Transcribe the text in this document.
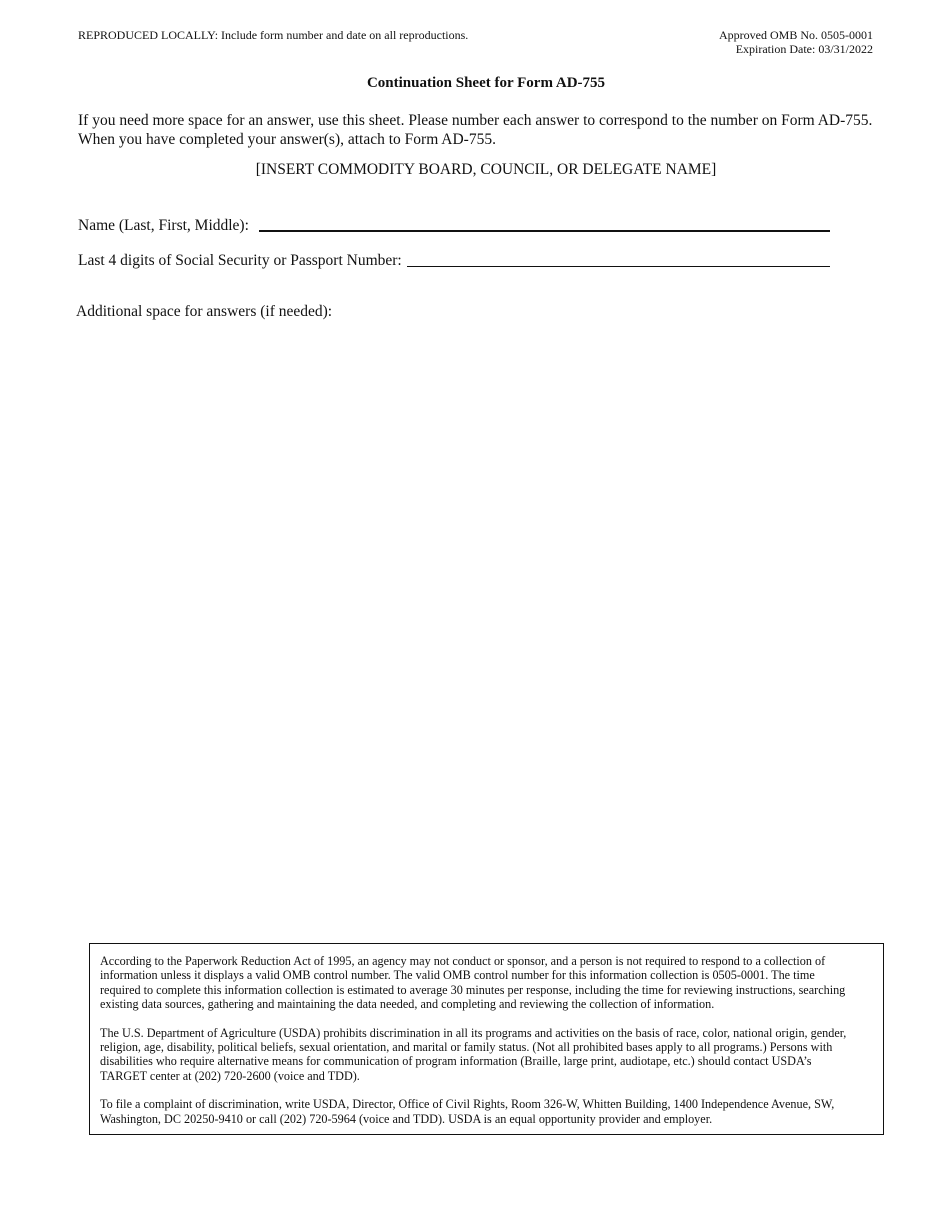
REPRODUCED LOCALLY: Include form number and date on all reproductions.	Approved OMB No. 0505-0001
Expiration Date: 03/31/2022
Continuation Sheet for Form AD-755
If you need more space for an answer, use this sheet. Please number each answer to correspond to the number on Form AD-755.
When you have completed your answer(s), attach to Form AD-755.
[INSERT COMMODITY BOARD, COUNCIL, OR DELEGATE NAME]
Name (Last, First, Middle):
Last 4 digits of Social Security or Passport Number:
Additional space for answers (if needed):

According to the Paperwork Reduction Act of 1995, an agency may not conduct or sponsor, and a person is not required to respond to a collection of
information unless it displays a valid OMB control number. The valid OMB control number for this information collection is 0505-0001. The time
required to complete this information collection is estimated to average 30 minutes per response, including the time for reviewing instructions, searching
existing data sources, gathering and maintaining the data needed, and completing and reviewing the collection of information.

The U.S. Department of Agriculture (USDA) prohibits discrimination in all its programs and activities on the basis of race, color, national origin, gender,
religion, age, disability, political beliefs, sexual orientation, and marital or family status. (Not all prohibited bases apply to all programs.) Persons with
disabilities who require alternative means for communication of program information (Braille, large print, audiotape, etc.) should contact USDA’s
TARGET center at (202) 720-2600 (voice and TDD).

To file a complaint of discrimination, write USDA, Director, Office of Civil Rights, Room 326-W, Whitten Building, 1400 Independence Avenue, SW,
Washington, DC 20250-9410 or call (202) 720-5964 (voice and TDD). USDA is an equal opportunity provider and employer.
